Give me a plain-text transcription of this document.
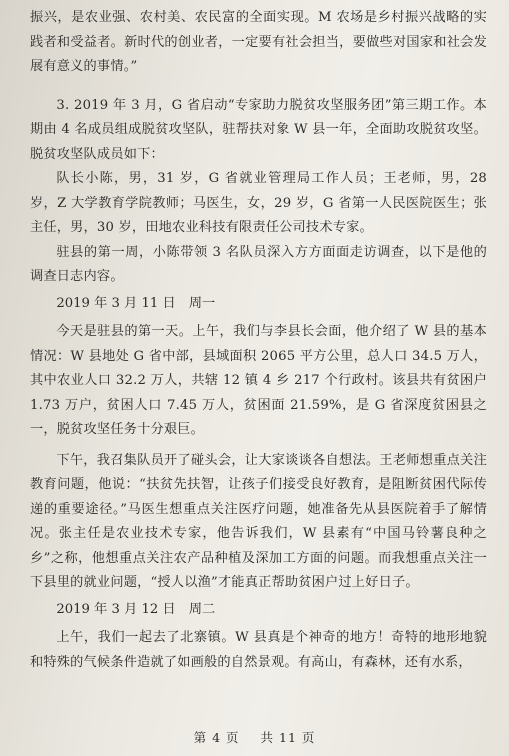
振兴，是农业强、农村美、农民富的全面实现。M 农场是乡村振兴战略的实践者和受益者。新时代的创业者，一定要有社会担当，要做些对国家和社会发展有意义的事情。”

3. 2019 年 3 月，G 省启动“专家助力脱贫攻坚服务团”第三期工作。本期由 4 名成员组成脱贫攻坚队，驻帮扶对象 W 县一年，全面助攻脱贫攻坚。脱贫攻坚队成员如下：

队长小陈，男，31 岁，G 省就业管理局工作人员；王老师，男，28 岁，Z 大学教育学院教师；马医生，女，29 岁，G 省第一人民医院医生；张主任，男，30 岁，田地农业科技有限责任公司技术专家。

驻县的第一周，小陈带领 3 名队员深入方方面面走访调查，以下是他的调查日志内容。

2019 年 3 月 11 日　周一

今天是驻县的第一天。上午，我们与李县长会面，他介绍了 W 县的基本情况：W 县地处 G 省中部，县域面积 2065 平方公里，总人口 34.5 万人，其中农业人口 32.2 万人，共辖 12 镇 4 乡 217 个行政村。该县共有贫困户 1.73 万户，贫困人口 7.45 万人，贫困面 21.59%，是 G 省深度贫困县之一，脱贫攻坚任务十分艰巨。

下午，我召集队员开了碰头会，让大家谈谈各自想法。王老师想重点关注教育问题，他说：“扶贫先扶智，让孩子们接受良好教育，是阻断贫困代际传递的重要途径。”马医生想重点关注医疗问题，她准备先从县医院着手了解情况。张主任是农业技术专家，他告诉我们，W 县素有“中国马铃薯良种之乡”之称，他想重点关注农产品种植及深加工方面的问题。而我想重点关注一下县里的就业问题，“授人以渔”才能真正帮助贫困户过上好日子。

2019 年 3 月 12 日　周二

上午，我们一起去了北寨镇。W 县真是个神奇的地方！奇特的地形地貌和特殊的气候条件造就了如画般的自然景观。有高山，有森林，还有水系，

第 4 页 共 11 页
